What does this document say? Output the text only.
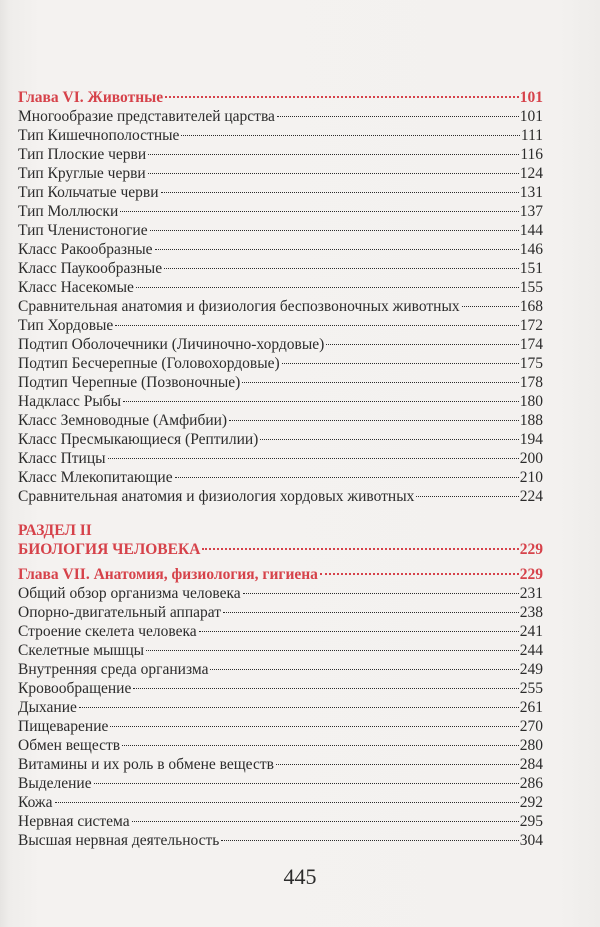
Глава VI. Животные	101
Многообразие представителей царства	101
Тип Кишечнополостные	111
Тип Плоские черви	116
Тип Круглые черви	124
Тип Кольчатые черви	131
Тип Моллюски	137
Тип Членистоногие	144
Класс Ракообразные	146
Класс Паукообразные	151
Класс Насекомые	155
Сравнительная анатомия и физиология беспозвоночных животных	168
Тип Хордовые	172
Подтип Оболочечники (Личиночно-хордовые)	174
Подтип Бесчерепные (Головохордовые)	175
Подтип Черепные (Позвоночные)	178
Надкласс Рыбы	180
Класс Земноводные (Амфибии)	188
Класс Пресмыкающиеся (Рептилии)	194
Класс Птицы	200
Класс Млекопитающие	210
Сравнительная анатомия и физиология хордовых животных	224
РАЗДЕЛ II
БИОЛОГИЯ ЧЕЛОВЕКА	229
Глава VII. Анатомия, физиология, гигиена	229
Общий обзор организма человека	231
Опорно-двигательный аппарат	238
Строение скелета человека	241
Скелетные мышцы	244
Внутренняя среда организма	249
Кровообращение	255
Дыхание	261
Пищеварение	270
Обмен веществ	280
Витамины и их роль в обмене веществ	284
Выделение	286
Кожа	292
Нервная система	295
Высшая нервная деятельность	304
445
